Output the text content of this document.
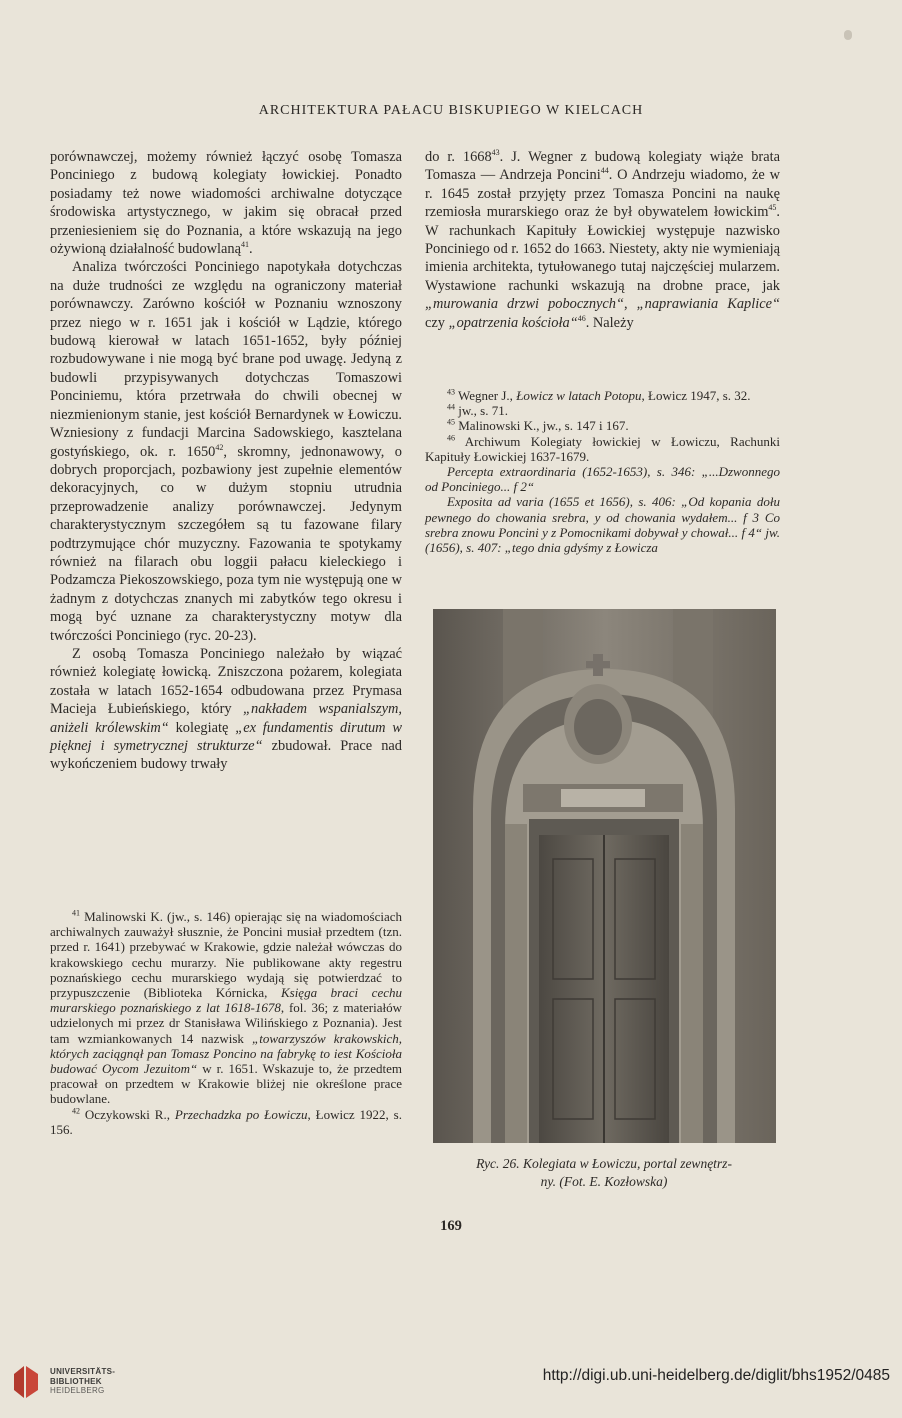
ARCHITEKTURA PAŁACU BISKUPIEGO W KIELCACH

porównawczej, możemy również łączyć osobę Tomasza Ponciniego z budową kolegiaty łowickiej. Ponadto posiadamy też nowe wiadomości archiwalne dotyczące środowiska artystycznego, w jakim się obracał przed przeniesieniem się do Poznania, a które wskazują na jego ożywioną działalność budowlaną$^{41}$.

Analiza twórczości Ponciniego napotykała dotychczas na duże trudności ze względu na ograniczony materiał porównawczy. Zarówno kościół w Poznaniu wznoszony przez niego w r. 1651 jak i kościół w Lądzie, którego budową kierował w latach 1651-1652, były później rozbudowywane i nie mogą być brane pod uwagę. Jedyną z budowli przypisywanych dotychczas Tomaszowi Ponciniemu, która przetrwała do chwili obecnej w niezmienionym stanie, jest kościół Bernardynek w Łowiczu. Wzniesiony z fundacji Marcina Sadowskiego, kasztelana gostyńskiego, ok. r. 1650$^{42}$, skromny, jednonawowy, o dobrych proporcjach, pozbawiony jest zupełnie elementów dekoracyjnych, co w dużym stopniu utrudnia przeprowadzenie analizy porównawczej. Jedynym charakterystycznym szczegółem są tu fazowane filary podtrzymujące chór muzyczny. Fazowania te spotykamy również na filarach obu loggii pałacu kieleckiego i Podzamcza Piekoszowskiego, poza tym nie występują one w żadnym z dotychczas znanych mi zabytków tego okresu i mogą być uznane za charakterystyczny motyw dla twórczości Ponciniego (ryc. 20-23).

Z osobą Tomasza Ponciniego należało by wiązać również kolegiatę łowicką. Zniszczona pożarem, kolegiata została w latach 1652-1654 odbudowana przez Prymasa Macieja Łubieńskiego, który „nakładem wspanialszym, aniżeli królewskim“ kolegiatę „ex fundamentis dirutum w pięknej i symetrycznej strukturze“ zbudował. Prace nad wykończeniem budowy trwały

do r. 1668$^{43}$. J. Wegner z budową kolegiaty wiąże brata Tomasza — Andrzeja Poncini$^{44}$. O Andrzeju wiadomo, że w r. 1645 został przyjęty przez Tomasza Poncini na naukę rzemiosła murarskiego oraz że był obywatelem łowickim$^{45}$. W rachunkach Kapituły Łowickiej występuje nazwisko Ponciniego od r. 1652 do 1663. Niestety, akty nie wymieniają imienia architekta, tytułowanego tutaj najczęściej mularzem. Wystawione rachunki wskazują na drobne prace, jak „murowania drzwi pobocznych“, „naprawiania Kaplice“ czy „opatrzenia kościoła“$^{46}$. Należy

$^{43}$ Wegner J., Łowicz w latach Potopu, Łowicz 1947, s. 32.

$^{44}$ jw., s. 71.

$^{45}$ Malinowski K., jw., s. 147 i 167.

$^{46}$ Archiwum Kolegiaty łowickiej w Łowiczu, Rachunki Kapituły Łowickiej 1637-1679.

Percepta extraordinaria (1652-1653), s. 346: „...Dzwonnego od Ponciniego... f 2“

Exposita ad varia (1655 et 1656), s. 406: „Od kopania dołu pewnego do chowania srebra, y od chowania wydałem... f 3 Co srebra znowu Poncini y z Pomocnikami dobywał y chował... f 4“ jw. (1656), s. 407: „tego dnia gdyśmy z Łowicza

Ryc. 26. Kolegiata w Łowiczu, portal zewnętrz-
ny. (Fot. E. Kozłowska)

$^{41}$ Malinowski K. (jw., s. 146) opierając się na wiadomościach archiwalnych zauważył słusznie, że Poncini musiał przedtem (tzn. przed r. 1641) przebywać w Krakowie, gdzie należał wówczas do krakowskiego cechu murarzy. Nie publikowane akty regestru poznańskiego cechu murarskiego wydają się potwierdzać to przypuszczenie (Biblioteka Kórnicka, Księga braci cechu murarskiego poznańskiego z lat 1618-1678, fol. 36; z materiałów udzielonych mi przez dr Stanisława Wilińskiego z Poznania). Jest tam wzmiankowanych 14 nazwisk „towarzyszów krakowskich, których zaciągnął pan Tomasz Poncino na fabrykę to iest Kościoła budować Oycom Jezuitom“ w r. 1651. Wskazuje to, że przedtem pracował on przedtem w Krakowie bliżej nie określone prace budowlane.

$^{42}$ Oczykowski R., Przechadzka po Łowiczu, Łowicz 1922, s. 156.

169
UNIVERSITÄTS-
BIBLIOTHEK
HEIDELBERG
http://digi.ub.uni-heidelberg.de/diglit/bhs1952/0485
